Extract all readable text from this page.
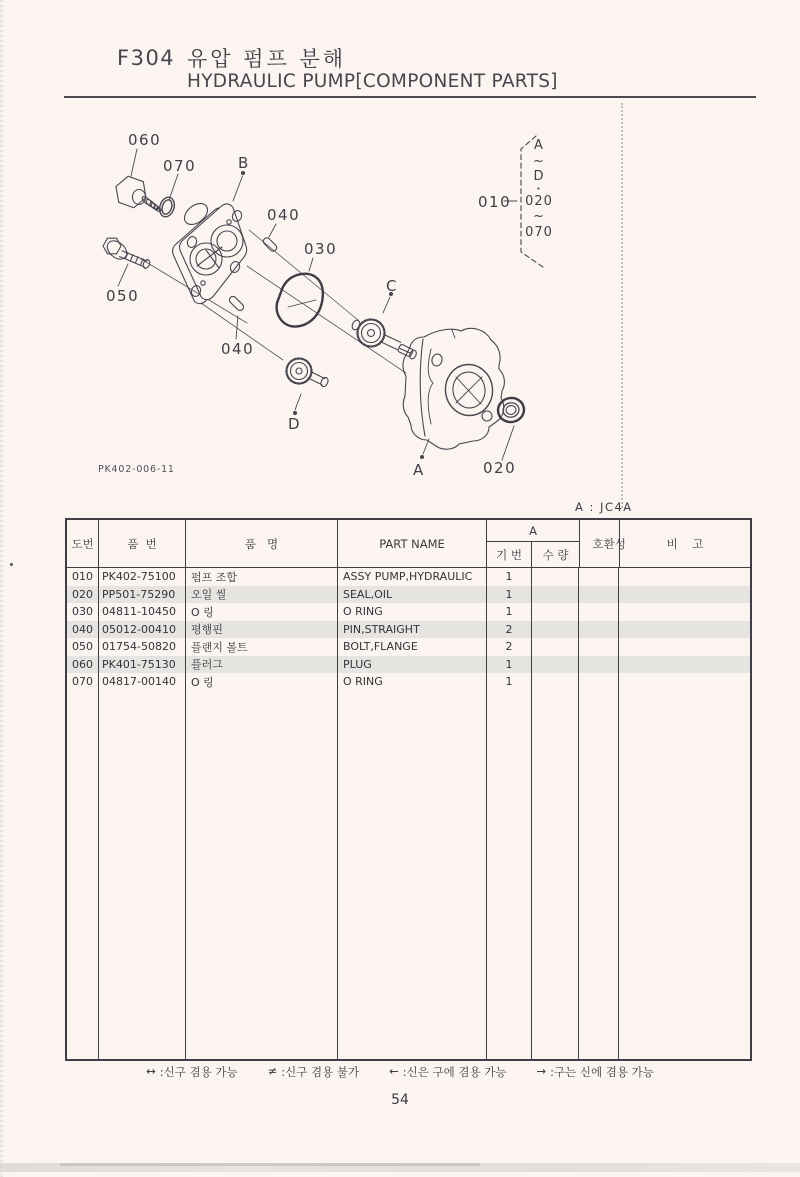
F304 유압 펌프 분해
HYDRAULIC PUMP[COMPONENT PARTS]
060
070	B
040
030
C
010
050
040
D
A	020
A
~
D
•
020
~
070
PK402-006-11
A : JC4A
도번	품  번	품   명	PART NAME
A
기 번	수 량
호환성	비    고
010 PK402-75100	펌프 조합	ASSY PUMP,HYDRAULIC	1
020 PP501-75290	오일 씰	SEAL,OIL	1
030 04811-10450	O 링	O RING	1
040 05012-00410	평행핀	PIN,STRAIGHT	2
050 01754-50820	플랜지 볼트	BOLT,FLANGE	2
060 PK401-75130	플러그	PLUG	1
070 04817-00140	O 링	O RING	1
↔ :신구 겸용 가능	≠ :신구 겸용 불가	← :신은 구에 겸용 가능	→ :구는 신에 겸용 가능
54
